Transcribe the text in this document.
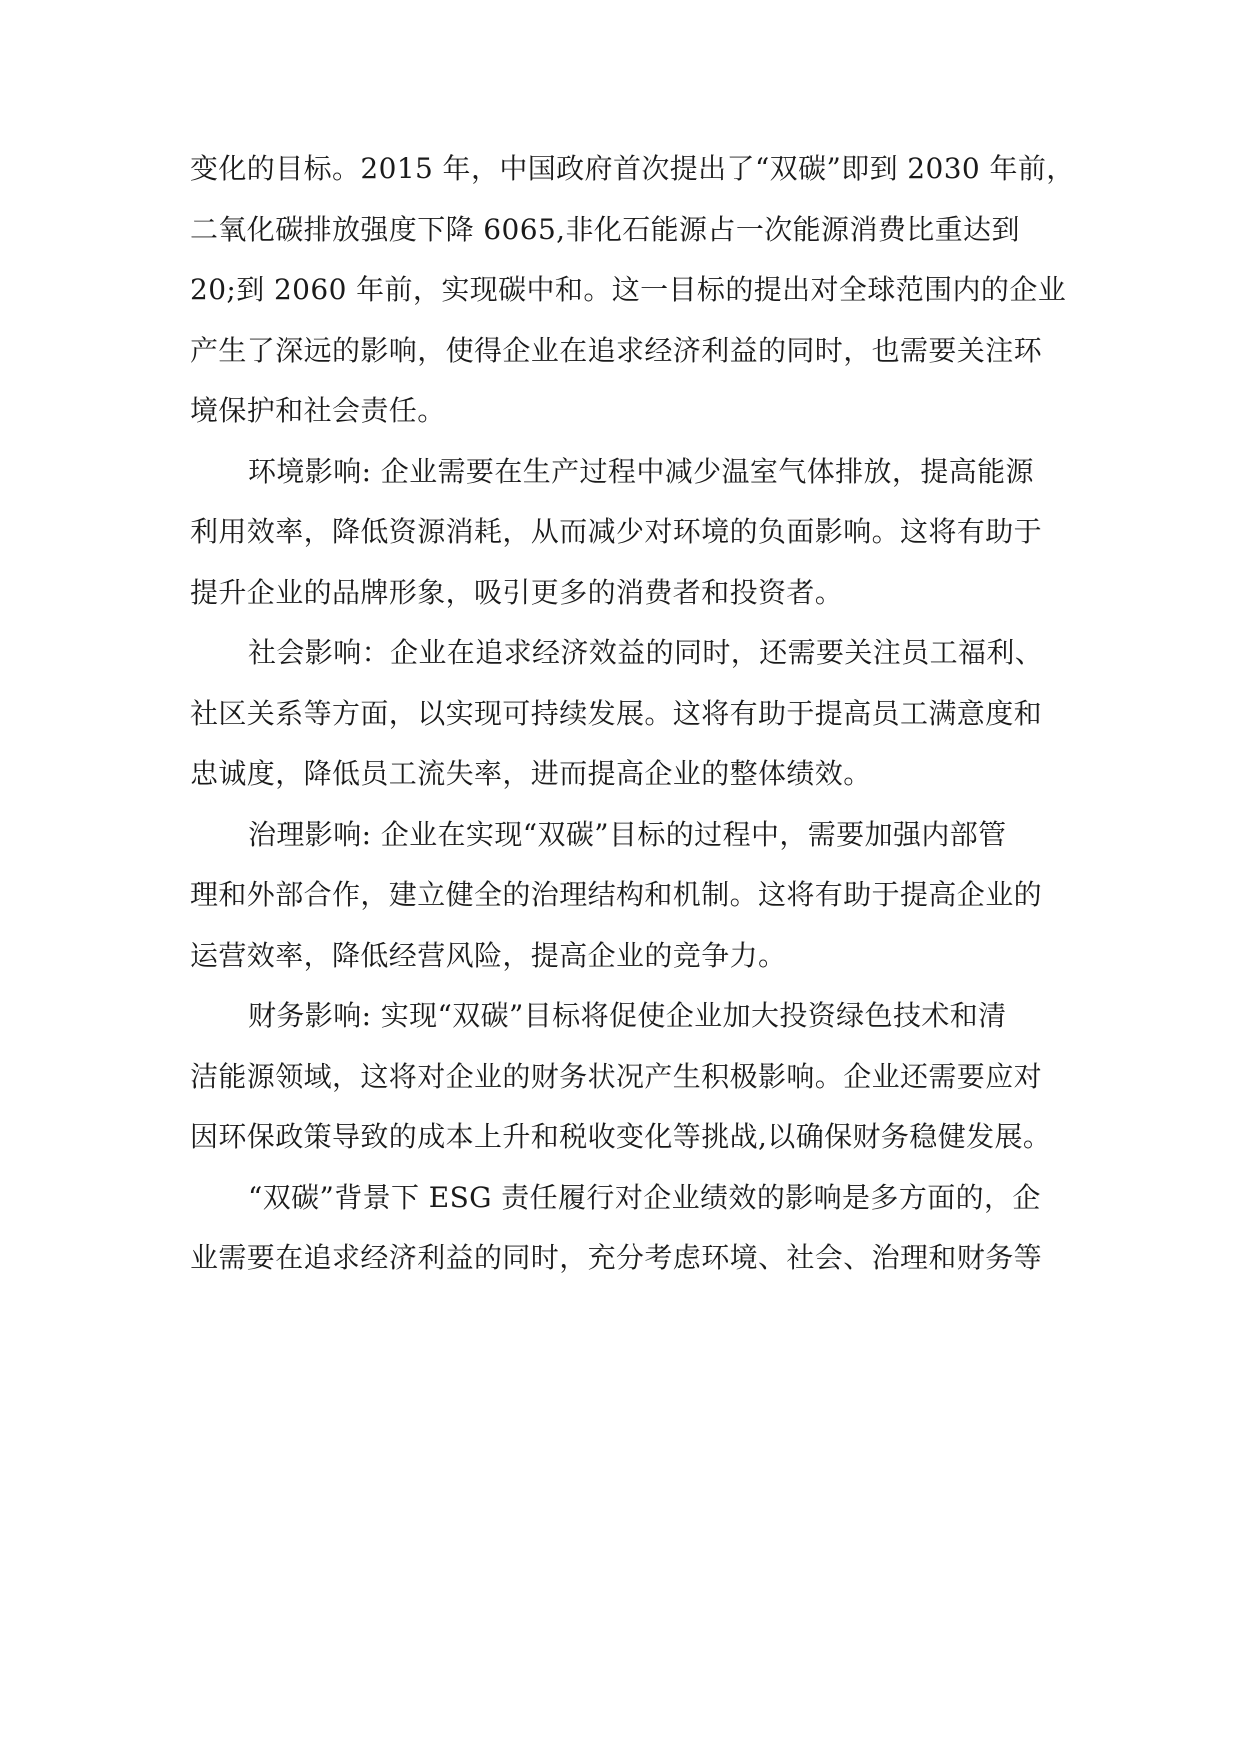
变化的目标。2015 年，中国政府首次提出了“双碳”即到 2030 年前，
二氧化碳排放强度下降 6065,非化石能源占一次能源消费比重达到
20;到 2060 年前，实现碳中和。这一目标的提出对全球范围内的企业
产生了深远的影响，使得企业在追求经济利益的同时，也需要关注环
境保护和社会责任。
环境影响: 企业需要在生产过程中减少温室气体排放，提高能源
利用效率，降低资源消耗，从而减少对环境的负面影响。这将有助于
提升企业的品牌形象，吸引更多的消费者和投资者。
社会影响：企业在追求经济效益的同时，还需要关注员工福利、
社区关系等方面，以实现可持续发展。这将有助于提高员工满意度和
忠诚度，降低员工流失率，进而提高企业的整体绩效。
治理影响: 企业在实现“双碳”目标的过程中，需要加强内部管
理和外部合作，建立健全的治理结构和机制。这将有助于提高企业的
运营效率，降低经营风险，提高企业的竞争力。
财务影响: 实现“双碳”目标将促使企业加大投资绿色技术和清
洁能源领域，这将对企业的财务状况产生积极影响。企业还需要应对
因环保政策导致的成本上升和税收变化等挑战,以确保财务稳健发展。
“双碳”背景下 ESG 责任履行对企业绩效的影响是多方面的，企
业需要在追求经济利益的同时，充分考虑环境、社会、治理和财务等
